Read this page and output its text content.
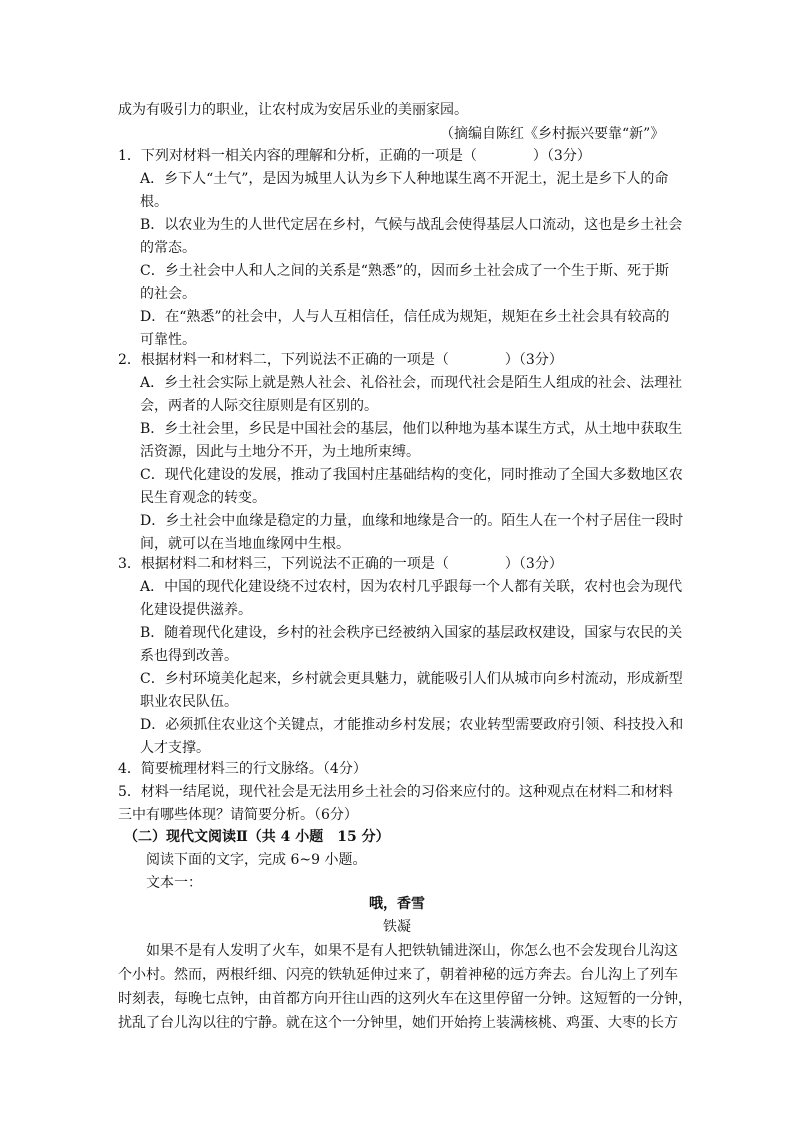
成为有吸引力的职业，让农村成为安居乐业的美丽家园。
（摘编自陈红《乡村振兴要靠“新”》
1．下列对材料一相关内容的理解和分析，正确的一项是（　　　　）（3分）
A．乡下人“土气”，是因为城里人认为乡下人种地谋生离不开泥土，泥土是乡下人的命
根。
B．以农业为生的人世代定居在乡村，气候与战乱会使得基层人口流动，这也是乡土社会
的常态。
C．乡土社会中人和人之间的关系是“熟悉”的，因而乡土社会成了一个生于斯、死于斯
的社会。
D．在“熟悉”的社会中，人与人互相信任，信任成为规矩，规矩在乡土社会具有较高的
可靠性。
2．根据材料一和材料二，下列说法不正确的一项是（　　　　）（3分）
A．乡土社会实际上就是熟人社会、礼俗社会，而现代社会是陌生人组成的社会、法理社
会，两者的人际交往原则是有区别的。
B．乡土社会里，乡民是中国社会的基层，他们以种地为基本谋生方式，从土地中获取生
活资源，因此与土地分不开，为土地所束缚。
C．现代化建设的发展，推动了我国村庄基础结构的变化，同时推动了全国大多数地区农
民生育观念的转变。
D．乡土社会中血缘是稳定的力量，血缘和地缘是合一的。陌生人在一个村子居住一段时
间，就可以在当地血缘网中生根。
3．根据材料二和材料三，下列说法不正确的一项是（　　　　）（3分）
A．中国的现代化建设绕不过农村，因为农村几乎跟每一个人都有关联，农村也会为现代
化建设提供滋养。
B．随着现代化建设，乡村的社会秩序已经被纳入国家的基层政权建设，国家与农民的关
系也得到改善。
C．乡村环境美化起来，乡村就会更具魅力，就能吸引人们从城市向乡村流动，形成新型
职业农民队伍。
D．必须抓住农业这个关键点，才能推动乡村发展；农业转型需要政府引领、科技投入和
人才支撑。
4．简要梳理材料三的行文脉络。（4分）
5．材料一结尾说，现代社会是无法用乡土社会的习俗来应付的。这种观点在材料二和材料
三中有哪些体现？请简要分析。（6分）
（二）现代文阅读Ⅱ（共 4 小题　15 分）
阅读下面的文字，完成 6~9 小题。
文本一：
哦，香雪
铁凝
如果不是有人发明了火车，如果不是有人把铁轨铺进深山，你怎么也不会发现台儿沟这
个小村。然而，两根纤细、闪亮的铁轨延伸过来了，朝着神秘的远方奔去。台儿沟上了列车
时刻表，每晚七点钟，由首都方向开往山西的这列火车在这里停留一分钟。这短暂的一分钟，
扰乱了台儿沟以往的宁静。就在这个一分钟里，她们开始挎上装满核桃、鸡蛋、大枣的长方
